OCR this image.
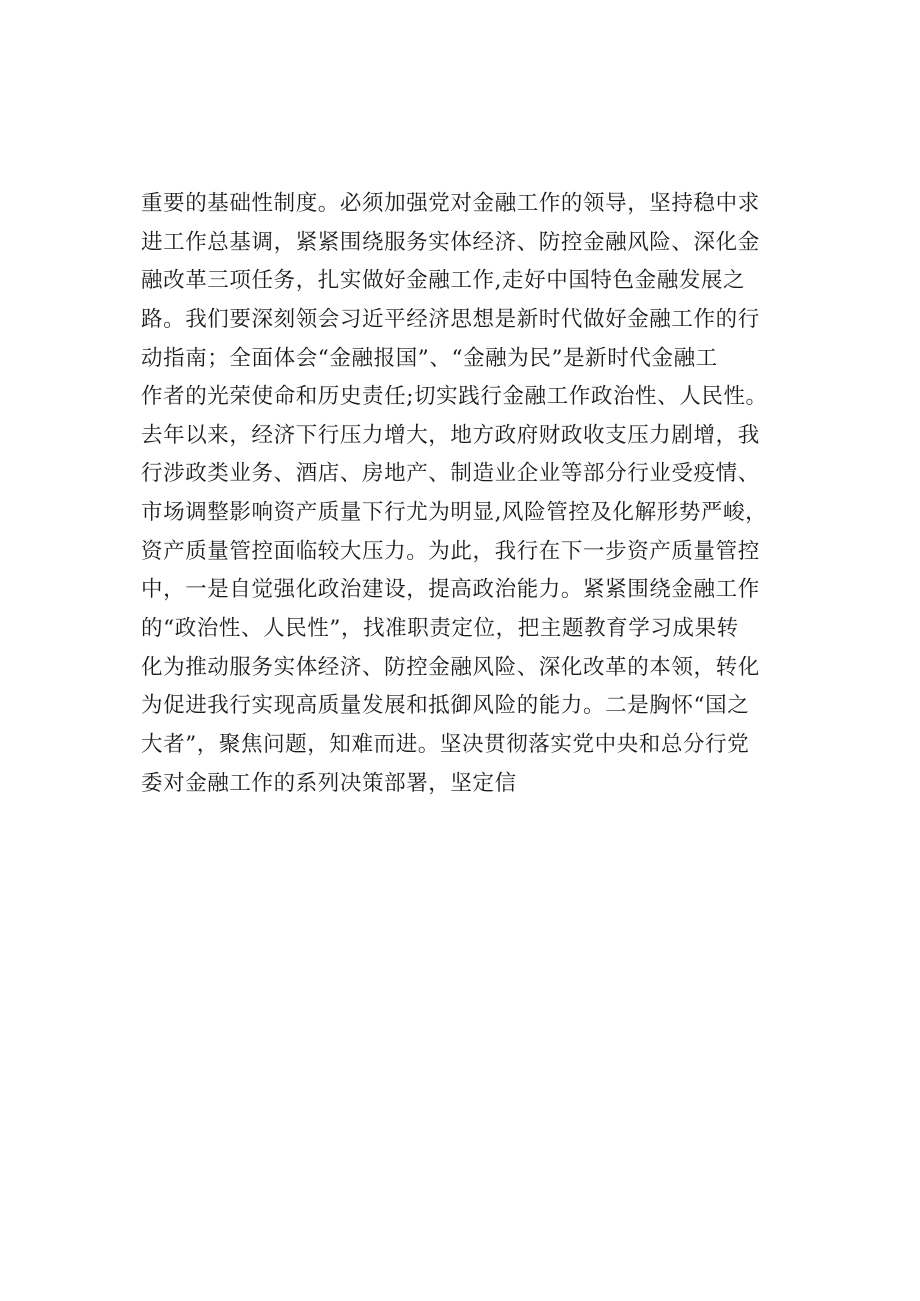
重要的基础性制度。必须加强党对金融工作的领导，坚持稳中求
进工作总基调，紧紧围绕服务实体经济、防控金融风险、深化金
融改革三项任务，扎实做好金融工作,走好中国特色金融发展之
路。我们要深刻领会习近平经济思想是新时代做好金融工作的行
动指南；全面体会“金融报国”、“金融为民”是新时代金融工
作者的光荣使命和历史责任;切实践行金融工作政治性、人民性。
去年以来，经济下行压力增大，地方政府财政收支压力剧增，我
行涉政类业务、酒店、房地产、制造业企业等部分行业受疫情、
市场调整影响资产质量下行尤为明显,风险管控及化解形势严峻，
资产质量管控面临较大压力。为此，我行在下一步资产质量管控
中，一是自觉强化政治建设，提高政治能力。紧紧围绕金融工作
的“政治性、人民性”，找准职责定位，把主题教育学习成果转
化为推动服务实体经济、防控金融风险、深化改革的本领，转化
为促进我行实现高质量发展和抵御风险的能力。二是胸怀“国之
大者”，聚焦问题，知难而进。坚决贯彻落实党中央和总分行党
委对金融工作的系列决策部署，坚定信
